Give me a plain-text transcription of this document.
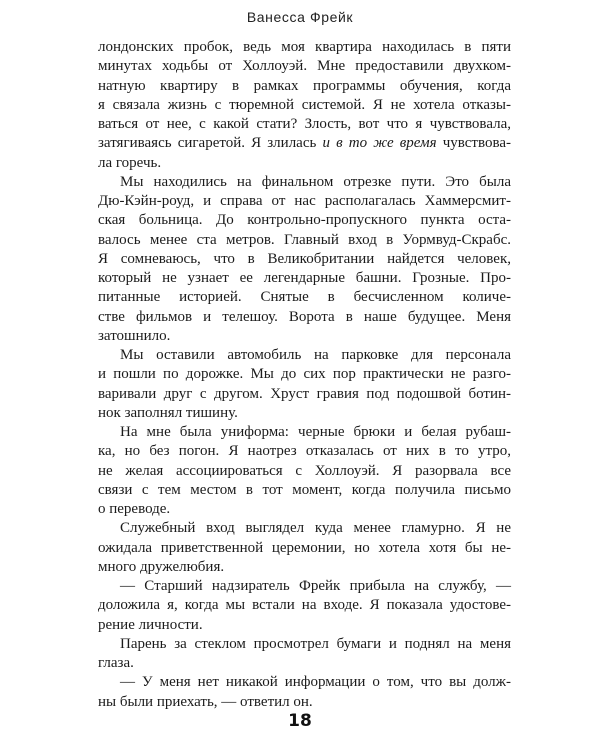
Ванесса Фрейк
лондонских пробок, ведь моя квартира находилась в пяти
минутах ходьбы от Холлоуэй. Мне предоставили двухком-
натную квартиру в рамках программы обучения, когда
я связала жизнь с тюремной системой. Я не хотела отказы-
ваться от нее, с какой стати? Злость, вот что я чувствовала,
затягиваясь сигаретой. Я злилась и в то же время чувствова-
ла горечь.
Мы находились на финальном отрезке пути. Это была
Дю-Кэйн-роуд, и справа от нас располагалась Хаммерсмит-
ская больница. До контрольно-пропускного пункта оста-
валось менее ста метров. Главный вход в Уормвуд-Скрабс.
Я сомневаюсь, что в Великобритании найдется человек,
который не узнает ее легендарные башни. Грозные. Про-
питанные историей. Снятые в бесчисленном количе-
стве фильмов и телешоу. Ворота в наше будущее. Меня
затошнило.
Мы оставили автомобиль на парковке для персонала
и пошли по дорожке. Мы до сих пор практически не разго-
варивали друг с другом. Хруст гравия под подошвой ботин-
нок заполнял тишину.
На мне была униформа: черные брюки и белая рубаш-
ка, но без погон. Я наотрез отказалась от них в то утро,
не желая ассоциироваться с Холлоуэй. Я разорвала все
связи с тем местом в тот момент, когда получила письмо
о переводе.
Служебный вход выглядел куда менее гламурно. Я не
ожидала приветственной церемонии, но хотела хотя бы не-
много дружелюбия.
— Старший надзиратель Фрейк прибыла на службу, —
доложила я, когда мы встали на входе. Я показала удостове-
рение личности.
Парень за стеклом просмотрел бумаги и поднял на меня
глаза.
— У меня нет никакой информации о том, что вы долж-
ны были приехать, — ответил он.
18
